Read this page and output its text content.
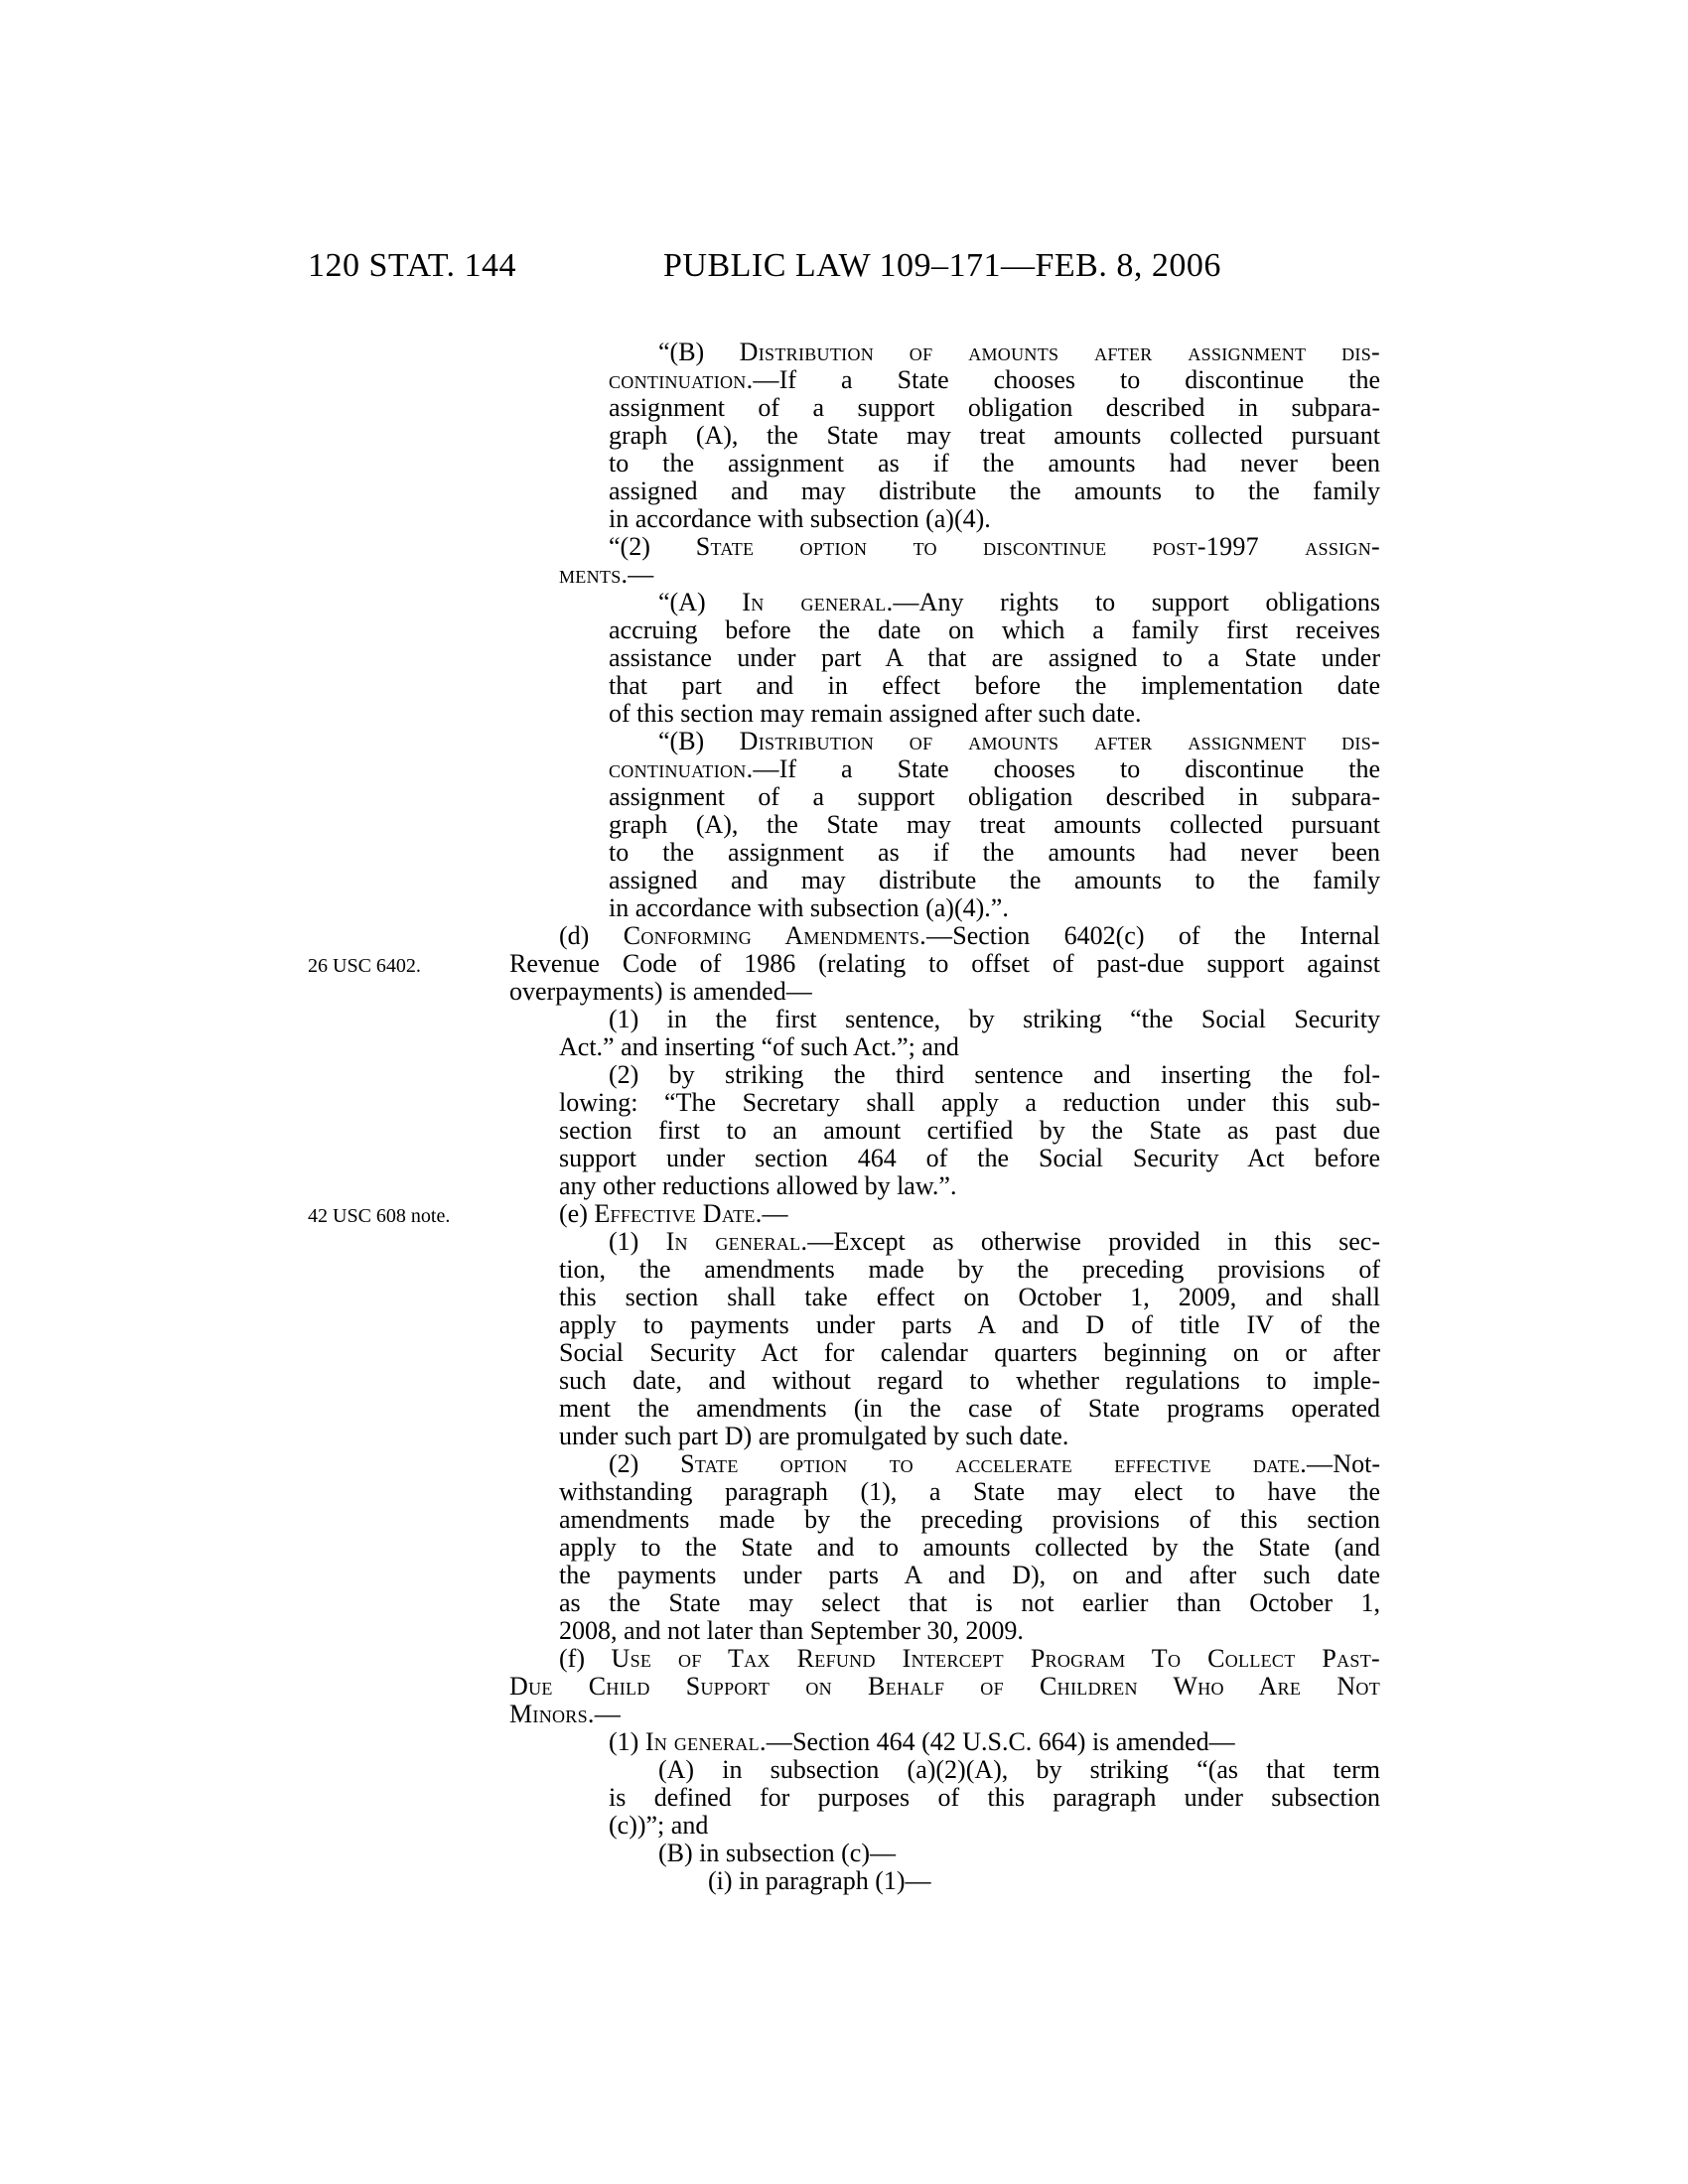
120 STAT. 144	PUBLIC LAW 109–171—FEB. 8, 2006
26 USC 6402.
42 USC 608 note.
“(B) Distribution of amounts after assignment dis-
continuation.—If a State chooses to discontinue the
assignment of a support obligation described in subpara-
graph (A), the State may treat amounts collected pursuant
to the assignment as if the amounts had never been
assigned and may distribute the amounts to the family
in accordance with subsection (a)(4).
“(2) State option to discontinue post-1997 assign-
ments.—
“(A) In general.—Any rights to support obligations
accruing before the date on which a family first receives
assistance under part A that are assigned to a State under
that part and in effect before the implementation date
of this section may remain assigned after such date.
“(B) Distribution of amounts after assignment dis-
continuation.—If a State chooses to discontinue the
assignment of a support obligation described in subpara-
graph (A), the State may treat amounts collected pursuant
to the assignment as if the amounts had never been
assigned and may distribute the amounts to the family
in accordance with subsection (a)(4).”.
(d) Conforming Amendments.—Section 6402(c) of the Internal
Revenue Code of 1986 (relating to offset of past-due support against
overpayments) is amended—
(1) in the first sentence, by striking “the Social Security
Act.” and inserting “of such Act.”; and
(2) by striking the third sentence and inserting the fol-
lowing: “The Secretary shall apply a reduction under this sub-
section first to an amount certified by the State as past due
support under section 464 of the Social Security Act before
any other reductions allowed by law.”.
(e) Effective Date.—
(1) In general.—Except as otherwise provided in this sec-
tion, the amendments made by the preceding provisions of
this section shall take effect on October 1, 2009, and shall
apply to payments under parts A and D of title IV of the
Social Security Act for calendar quarters beginning on or after
such date, and without regard to whether regulations to imple-
ment the amendments (in the case of State programs operated
under such part D) are promulgated by such date.
(2) State option to accelerate effective date.—Not-
withstanding paragraph (1), a State may elect to have the
amendments made by the preceding provisions of this section
apply to the State and to amounts collected by the State (and
the payments under parts A and D), on and after such date
as the State may select that is not earlier than October 1,
2008, and not later than September 30, 2009.
(f) Use of Tax Refund Intercept Program To Collect Past-
Due Child Support on Behalf of Children Who Are Not
Minors.—
(1) In general.—Section 464 (42 U.S.C. 664) is amended—
(A) in subsection (a)(2)(A), by striking “(as that term
is defined for purposes of this paragraph under subsection
(c))”; and
(B) in subsection (c)—
(i) in paragraph (1)—
